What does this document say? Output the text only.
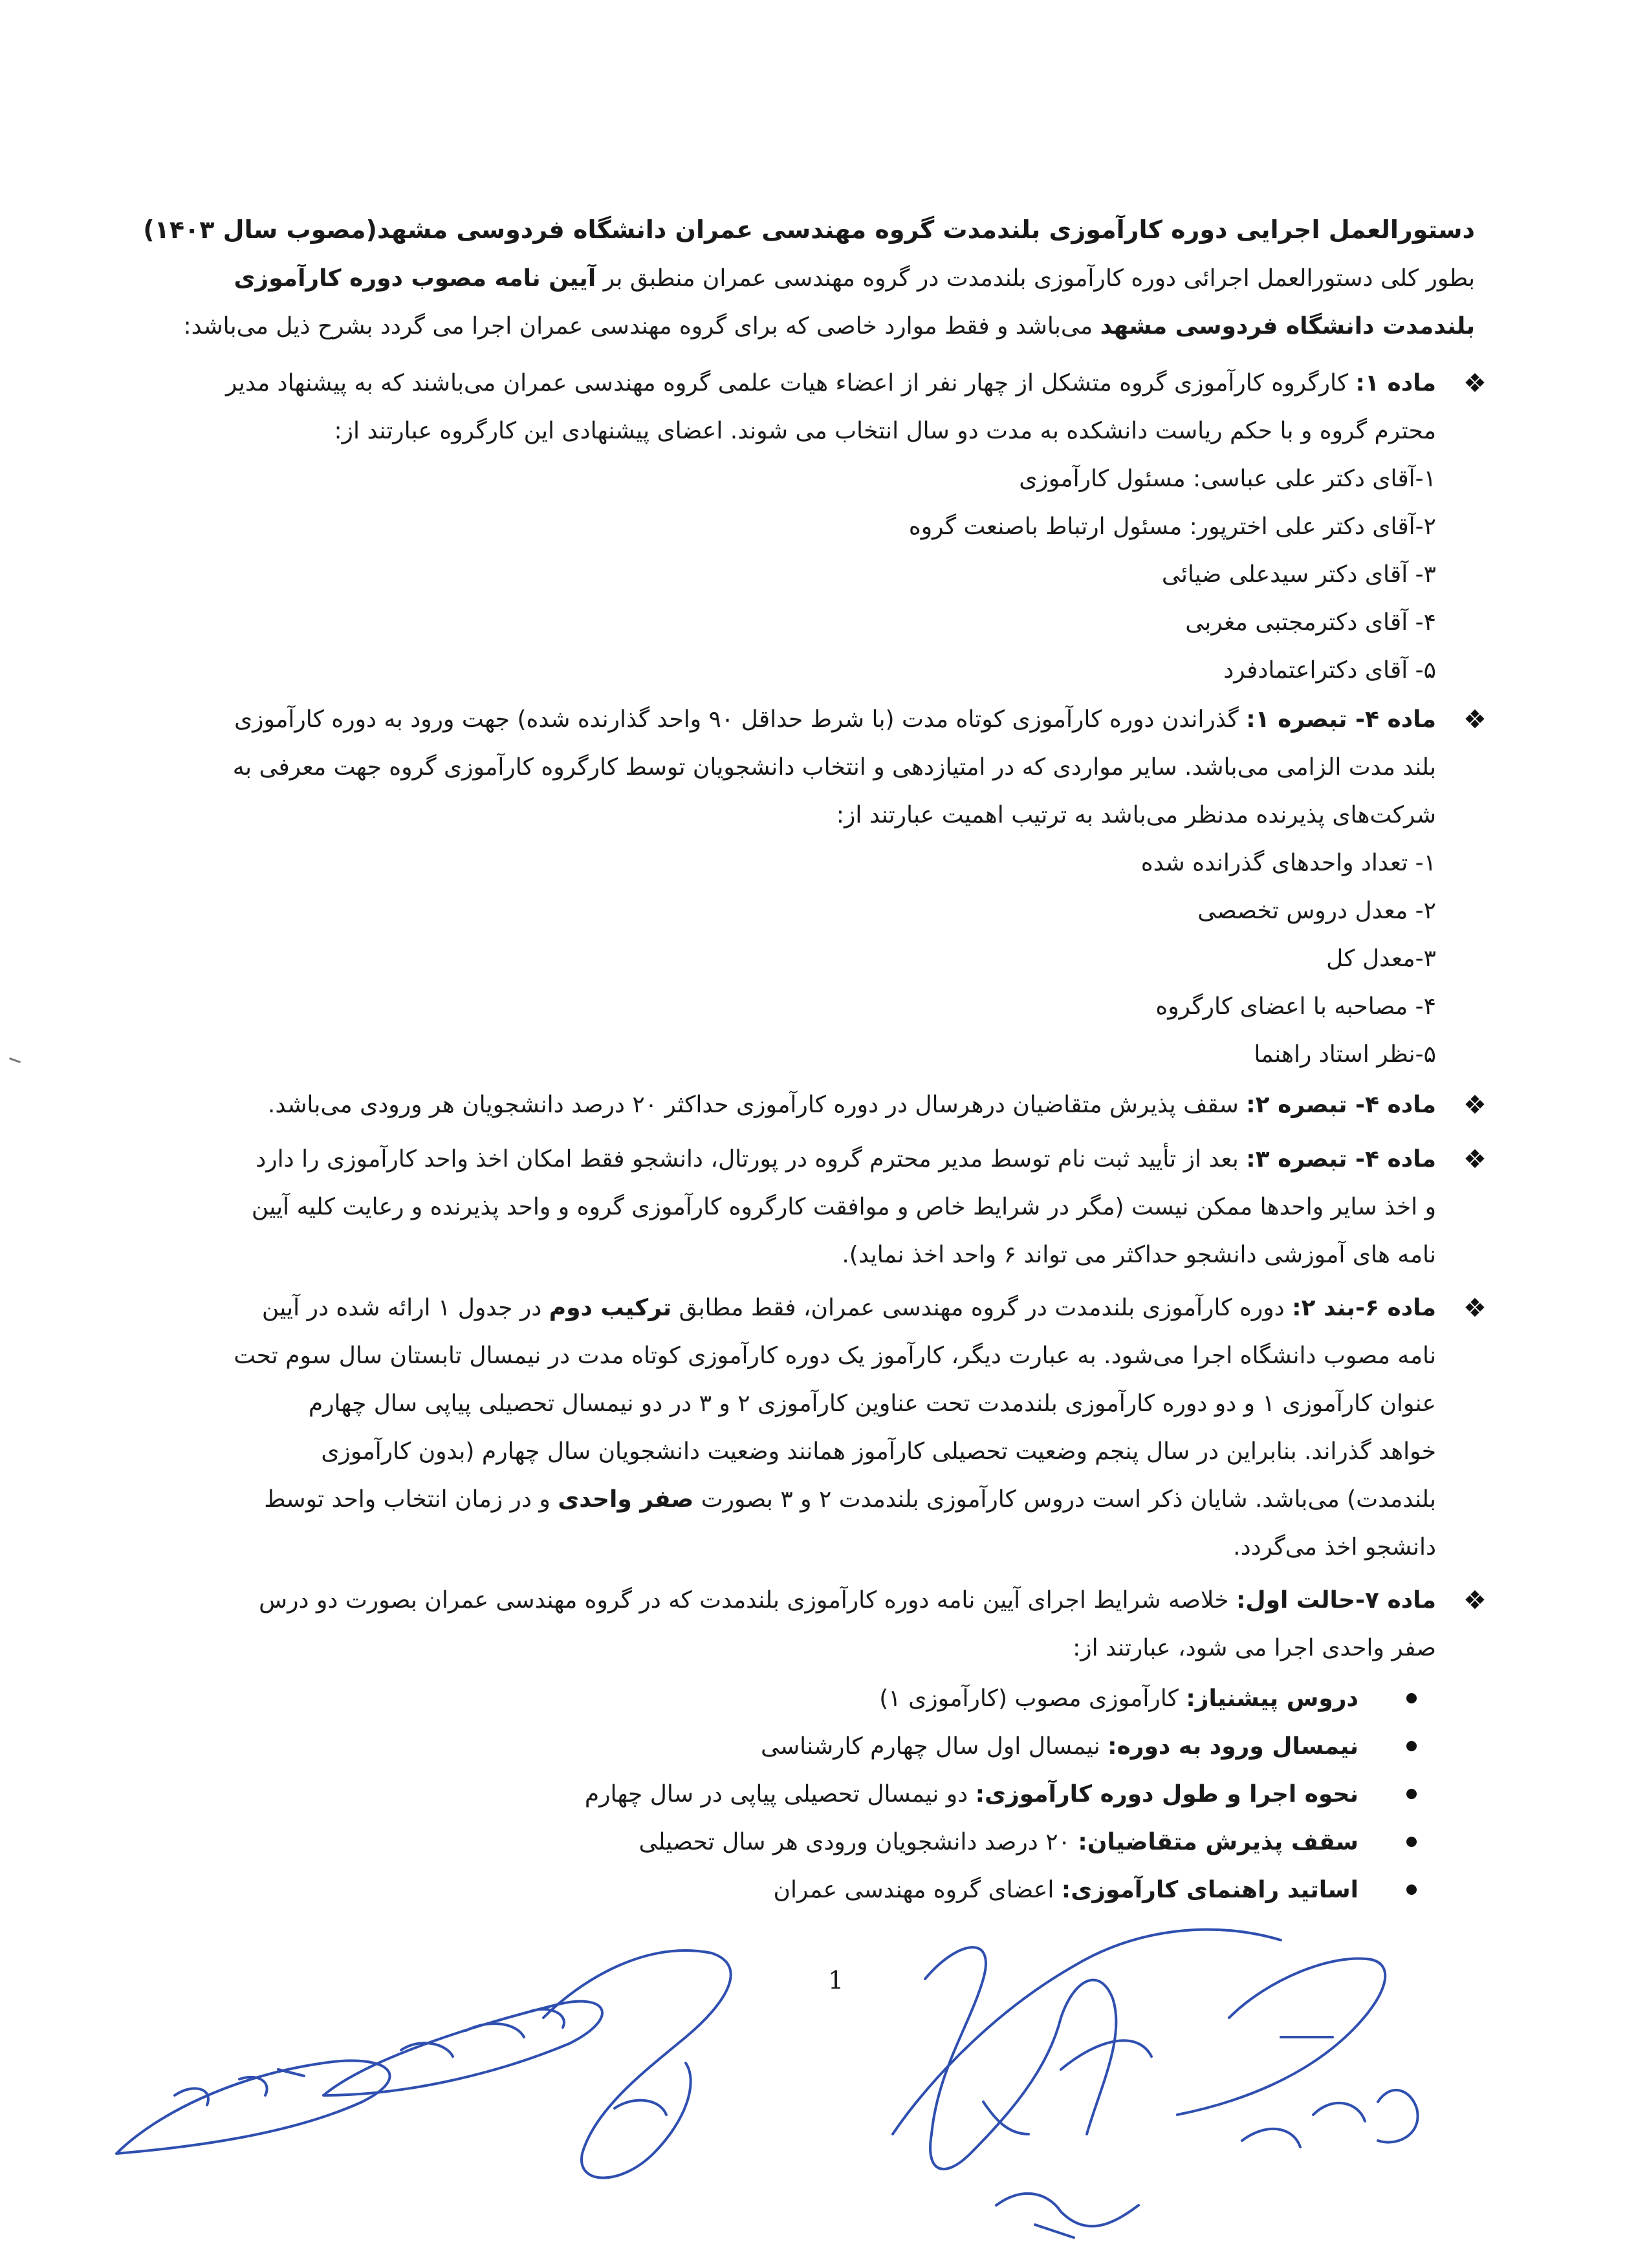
دستورالعمل اجرایی دوره کارآموزی بلندمدت گروه مهندسی عمران دانشگاه فردوسی مشهد(مصوب سال ۱۴۰۳)
بطور کلی دستورالعمل اجرائی دوره کارآموزی بلندمدت در گروه مهندسی عمران منطبق بر آیین نامه مصوب دوره کارآموزی
بلندمدت دانشگاه فردوسی مشهد می‌باشد و فقط موارد خاصی که برای گروه مهندسی عمران اجرا می گردد بشرح ذیل می‌باشد:
❖
ماده ۱: کارگروه کارآموزی گروه متشکل از چهار نفر از اعضاء هیات علمی گروه مهندسی عمران می‌باشند که به پیشنهاد مدیر
محترم گروه و با حکم ریاست دانشکده به مدت دو سال انتخاب می شوند. اعضای پیشنهادی این کارگروه عبارتند از:
۱-آقای دکتر علی عباسی: مسئول کارآموزی
۲-آقای دکتر علی اخترپور: مسئول ارتباط باصنعت گروه
۳- آقای دکتر سیدعلی ضیائی
۴- آقای دکترمجتبی مغربی
۵- آقای دکتراعتمادفرد
❖
ماده ۴- تبصره ۱: گذراندن دوره کارآموزی کوتاه مدت (با شرط حداقل ۹۰ واحد گذارنده شده) جهت ورود به دوره کارآموزی
بلند مدت الزامی می‌باشد. سایر مواردی که در امتیازدهی و انتخاب دانشجویان توسط کارگروه کارآموزی گروه جهت معرفی به
شرکت‌های پذیرنده مدنظر می‌باشد به ترتیب اهمیت عبارتند از:
۱- تعداد واحدهای گذرانده شده
۲- معدل دروس تخصصی
۳-معدل کل
۴- مصاحبه با اعضای کارگروه
۵-نظر استاد راهنما
❖
ماده ۴- تبصره ۲: سقف پذیرش متقاضیان درهرسال در دوره کارآموزی حداکثر ۲۰ درصد دانشجویان هر ورودی می‌باشد.
❖
ماده ۴- تبصره ۳: بعد از تأیید ثبت نام توسط مدیر محترم گروه در پورتال، دانشجو فقط امکان اخذ واحد کارآموزی را دارد
و اخذ سایر واحدها ممکن نیست (مگر در شرایط خاص و موافقت کارگروه کارآموزی گروه و واحد پذیرنده و رعایت کلیه آیین
نامه های آموزشی دانشجو حداکثر می تواند ۶ واحد اخذ نماید).
❖
ماده ۶-بند ۲: دوره کارآموزی بلندمدت در گروه مهندسی عمران، فقط مطابق ترکیب دوم در جدول ۱ ارائه شده در آیین
نامه مصوب دانشگاه اجرا می‌شود. به عبارت دیگر، کارآموز یک دوره کارآموزی کوتاه مدت در نیمسال تابستان سال سوم تحت
عنوان کارآموزی ۱ و دو دوره کارآموزی بلندمدت تحت عناوین کارآموزی ۲ و ۳ در دو نیمسال تحصیلی پیاپی سال چهارم
خواهد گذراند. بنابراین در سال پنجم وضعیت تحصیلی کارآموز همانند وضعیت دانشجویان سال چهارم (بدون کارآموزی
بلندمدت) می‌باشد. شایان ذکر است دروس کارآموزی بلندمدت ۲ و ۳ بصورت صفر واحدی و در زمان انتخاب واحد توسط
دانشجو اخذ می‌گردد.
❖
ماده ۷-حالت اول: خلاصه شرایط اجرای آیین نامه دوره کارآموزی بلندمدت که در گروه مهندسی عمران بصورت دو درس
صفر واحدی اجرا می شود، عبارتند از:
دروس پیشنیاز: کارآموزی مصوب (کارآموزی ۱)
نیمسال ورود به دوره: نیمسال اول سال چهارم کارشناسی
نحوه اجرا و طول دوره کارآموزی: دو نیمسال تحصیلی پیاپی در سال چهارم
سقف پذیرش متقاضیان: ۲۰ درصد دانشجویان ورودی هر سال تحصیلی
اساتید راهنمای کارآموزی: اعضای گروه مهندسی عمران
1
